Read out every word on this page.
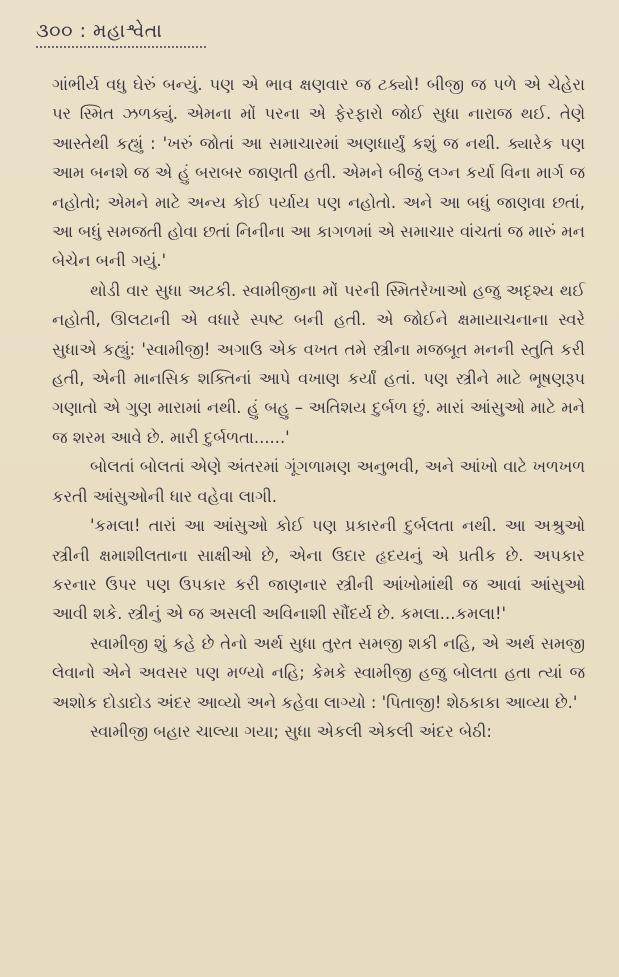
૩૦૦ : મહાશ્વેતા

ગાંભીર્ય વધુ ઘેરું બન્યું. પણ એ ભાવ ક્ષણવાર જ ટક્યો! બીજી જ પળે એ ચેહેરા પર સ્મિત ઝળક્યું. એમના મોં પરના એ ફેરફારો જોઈ સુધા નારાજ થઈ. તેણે આસ્તેથી કહ્યું : 'ખરું જોતાં આ સમાચારમાં અણધાર્યું કશું જ નથી. ક્યારેક પણ આમ બનશે જ એ હું બરાબર જાણતી હતી. એમને બીજું લગ્ન કર્યા વિના માર્ગ જ નહોતો; એમને માટે અન્ય કોઈ પર્યાય પણ નહોતો. અને આ બધું જાણવા છતાં, આ બધું સમજતી હોવા છતાં નિનીના આ કાગળમાં એ સમાચાર વાંચતાં જ મારું મન બેચેન બની ગયું.'

થોડી વાર સુધા અટકી. સ્વામીજીના મોં પરની સ્મિતરેખાઓ હજુ અદૃશ્ય થઈ નહોતી, ઊલટાની એ વધારે સ્પષ્ટ બની હતી. એ જોઈને ક્ષમાયાચનાના સ્વરે સુધાએ કહ્યું: 'સ્વામીજી! અગાઉ એક વખત તમે સ્ત્રીના મજબૂત મનની સ્તુતિ કરી હતી, એની માનસિક શક્તિનાં આપે વખાણ કર્યાં હતાં. પણ સ્ત્રીને માટે ભૂષણરૂપ ગણાતો એ ગુણ મારામાં નથી. હું બહુ – અતિશય દુર્બળ છું. મારાં આંસુઓ માટે મને જ શરમ આવે છે. મારી દુર્બળતા......'

બોલતાં બોલતાં એણે અંતરમાં ગૂંગળામણ અનુભવી, અને આંખો વાટે ખળખળ કરતી આંસુઓની ધાર વહેવા લાગી.

'કમલા! તારાં આ આંસુઓ કોઈ પણ પ્રકારની દુર્બલતા નથી. આ અશ્રુઓ સ્ત્રીની ક્ષમાશીલતાના સાક્ષીઓ છે, એના ઉદાર હૃદયનું એ પ્રતીક છે. અપકાર કરનાર ઉપર પણ ઉપકાર કરી જાણનાર સ્ત્રીની આંખોમાંથી જ આવાં આંસુઓ આવી શકે. સ્ત્રીનું એ જ અસલી અવિનાશી સૌંદર્ય છે. કમલા...કમલા!'

સ્વામીજી શું કહે છે તેનો અર્થ સુધા તુરત સમજી શકી નહિ, એ અર્થ સમજી લેવાનો એને અવસર પણ મળ્યો નહિ; કેમકે સ્વામીજી હજુ બોલતા હતા ત્યાં જ અશોક દોડાદોડ અંદર આવ્યો અને કહેવા લાગ્યો : 'પિતાજી! શેઠકાકા આવ્યા છે.'

સ્વામીજી બહાર ચાલ્યા ગયા; સુધા એકલી એકલી અંદર બેઠી:
